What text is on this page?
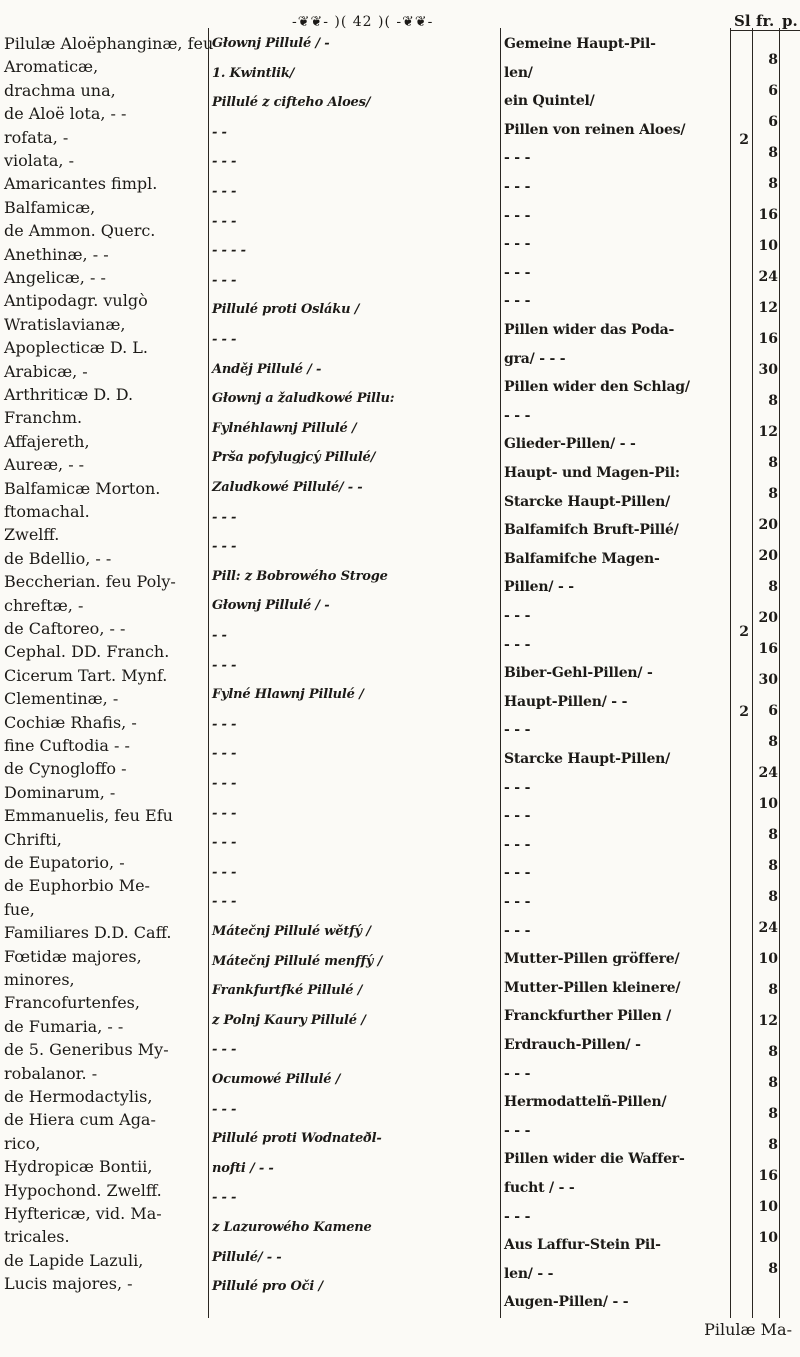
-❦❦- )( 42 )( -❦❦-	Sl fr. p.
Pilulæ Aloëphanginæ, feu
Aromaticæ,
drachma una,
de Aloë lota, - -
rofata, -
violata, -
Amaricantes fimpl.
Balfamicæ,
de Ammon. Querc.
Anethinæ, - -
Angelicæ, - -
Antipodagr. vulgò
Wratislavianæ,
Apoplecticæ D. L.
Arabicæ, -
Arthriticæ D. D.
Franchm.
Affajereth,
Aureæ, - -
Balfamicæ Morton.
ftomachal.
Zwelff.
de Bdellio, - -
Beccherian. feu Poly-
chreftæ, -
de Caftoreo, - -
Cephal. DD. Franch.
Cicerum Tart. Mynf.
Clementinæ, -
Cochiæ Rhafis, -
fine Cuftodia - -
de Cynogloffo -
Dominarum, -
Emmanuelis, feu Efu
Chrifti,
de Eupatorio, -
de Euphorbio Me-
fue,
Familiares D.D. Caff.
Fœtidæ majores,
minores,
Francofurtenfes,
de Fumaria, - -
de 5. Generibus My-
robalanor. -
de Hermodactylis,
de Hiera cum Aga-
rico,
Hydropicæ Bontii,
Hypochond. Zwelff.
Hyftericæ, vid. Ma-
tricales.
de Lapide Lazuli,
Lucis majores, -
Głownj Pillulé / -
1. Kwintlik/
Pillulé z cifteho Aloes/
- -
- - -
- - -
- - -
- - - -
- - -
Pillulé proti Osláku /
- - -
Anděj Pillulé / -
Głownj a žaludkowé Pillu:
Fylnéhlawnj Pillulé /
Prša pofylugjcý Pillulé/
Zaludkowé Pillulé/ - -
- - -
- - -
Pill: z Bobrowého Stroge
Głownj Pillulé / -
- -
- - -
Fylné Hlawnj Pillulé /
- - -
- - -
- - -
- - -
- - -
- - -
- - -
Mátečnj Pillulé wětfý /
Mátečnj Pillulé menffý /
Frankfurtfké Pillulé /
z Polnj Kaury Pillulé /
- - -
Ocumowé Pillulé /
- - -
Pillulé proti Wodnateðl-
nofti / - -
- - -
z Lazurowého Kamene
Pillulé/ - -
Pillulé pro Oči /
Gemeine Haupt-Pil-
len/
ein Quintel/
Pillen von reinen Aloes/
- - -
- - -
- - -
- - -
- - -
- - -
Pillen wider das Poda-
gra/ - - -
Pillen wider den Schlag/
- - -
Glieder-Pillen/ - -
Haupt- und Magen-Pil:
Starcke Haupt-Pillen/
Balfamifch Bruft-Pillé/
Balfamifche Magen-
Pillen/ - -
- - -
- - -
Biber-Gehl-Pillen/ -
Haupt-Pillen/ - -
- - -
Starcke Haupt-Pillen/
- - -
- - -
- - -
- - -
- - -
- - -
Mutter-Pillen gröffere/
Mutter-Pillen kleinere/
Franckfurther Pillen /
Erdrauch-Pillen/ -
- - -
Hermodattelñ-Pillen/
- - -
Pillen wider die Waffer-
fucht / - -
- - -
Aus Laffur-Stein Pil-
len/ - -
Augen-Pillen/ - -
2
2
2
8
6
6
8
8
16
10
24
12
16
30
8
12
8
8
20
20
8
20
16
30
6
8
24
10
8
8
8
24
10
8
12
8
8
8
8
16
10
10
8
Pilulæ Ma-
